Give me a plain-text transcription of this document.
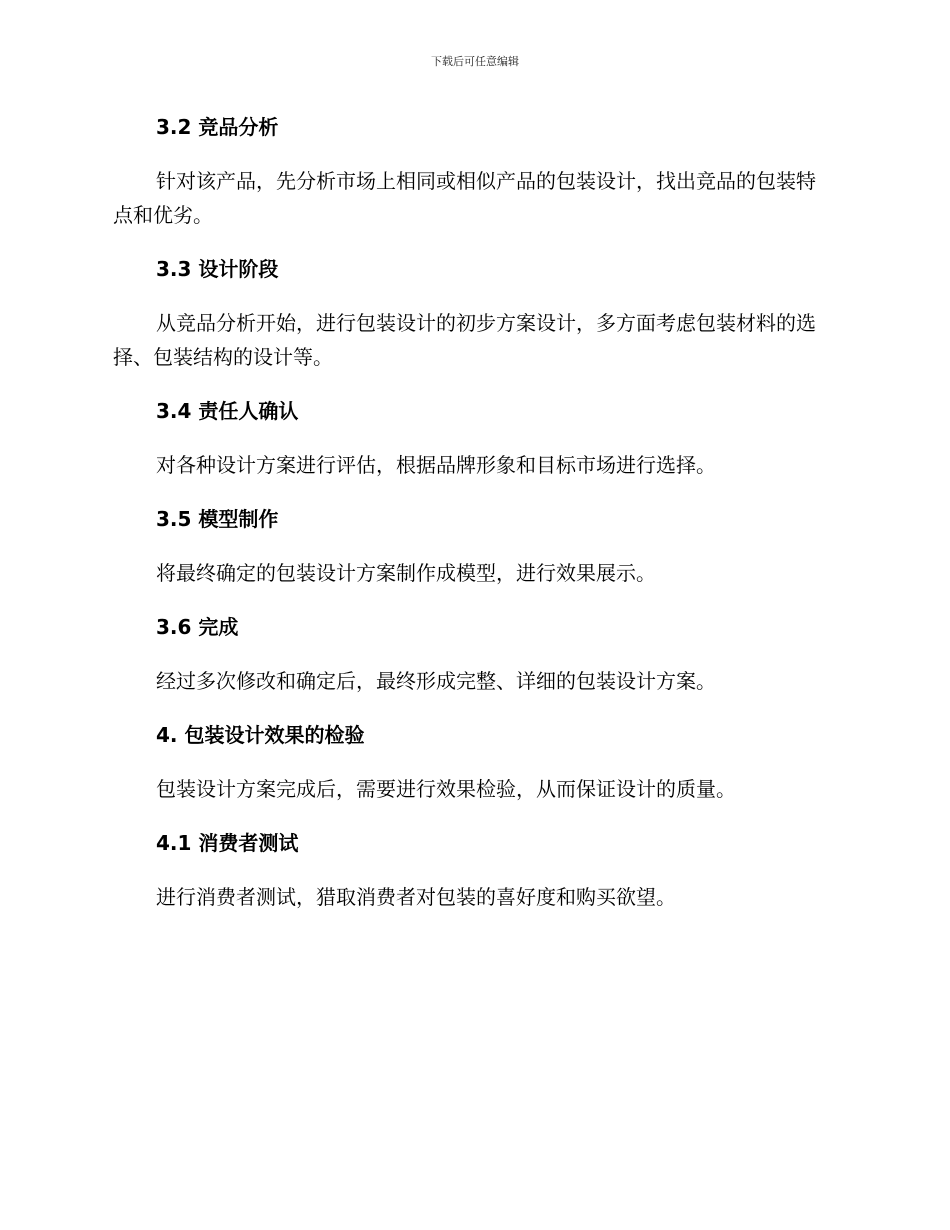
下载后可任意编辑
3.2 竞品分析
针对该产品，先分析市场上相同或相似产品的包装设计，找出竞品的包装特点和优劣。
3.3 设计阶段
从竞品分析开始，进行包装设计的初步方案设计，多方面考虑包装材料的选择、包装结构的设计等。
3.4 责任人确认
对各种设计方案进行评估，根据品牌形象和目标市场进行选择。
3.5 模型制作
将最终确定的包装设计方案制作成模型，进行效果展示。
3.6 完成
经过多次修改和确定后，最终形成完整、详细的包装设计方案。
4. 包装设计效果的检验
包装设计方案完成后，需要进行效果检验，从而保证设计的质量。
4.1 消费者测试
进行消费者测试，猎取消费者对包装的喜好度和购买欲望。
